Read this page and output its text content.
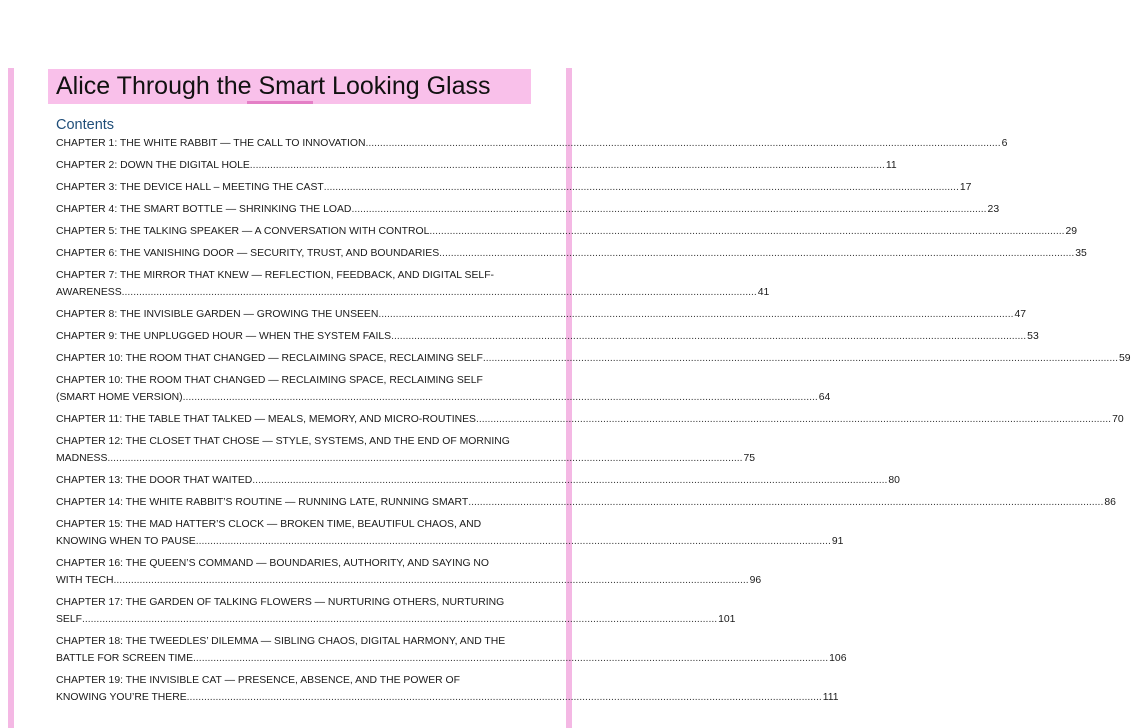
Alice Through the Smart Looking Glass
Contents
CHAPTER 1: THE WHITE RABBIT — THE CALL TO INNOVATION ............................................................................................................................................................................................................................ 6
CHAPTER 2: DOWN THE DIGITAL HOLE ............................................................................................................................................................................................................................ 11
CHAPTER 3: THE DEVICE HALL – MEETING THE CAST ............................................................................................................................................................................................................................ 17
CHAPTER 4: THE SMART BOTTLE — SHRINKING THE LOAD ............................................................................................................................................................................................................................ 23
CHAPTER 5: THE TALKING SPEAKER — A CONVERSATION WITH CONTROL ............................................................................................................................................................................................................................ 29
CHAPTER 6: THE VANISHING DOOR — SECURITY, TRUST, AND BOUNDARIES ............................................................................................................................................................................................................................ 35
CHAPTER 7: THE MIRROR THAT KNEW — REFLECTION, FEEDBACK, AND DIGITAL SELF-
AWARENESS ............................................................................................................................................................................................................................ 41
CHAPTER 8: THE INVISIBLE GARDEN — GROWING THE UNSEEN ............................................................................................................................................................................................................................ 47
CHAPTER 9: THE UNPLUGGED HOUR — WHEN THE SYSTEM FAILS ............................................................................................................................................................................................................................ 53
CHAPTER 10: THE ROOM THAT CHANGED — RECLAIMING SPACE, RECLAIMING SELF ............................................................................................................................................................................................................................ 59
CHAPTER 10: THE ROOM THAT CHANGED — RECLAIMING SPACE, RECLAIMING SELF
(SMART HOME VERSION) ............................................................................................................................................................................................................................ 64
CHAPTER 11: THE TABLE THAT TALKED — MEALS, MEMORY, AND MICRO-ROUTINES ............................................................................................................................................................................................................................ 70
CHAPTER 12: THE CLOSET THAT CHOSE — STYLE, SYSTEMS, AND THE END OF MORNING
MADNESS ............................................................................................................................................................................................................................ 75
CHAPTER 13: THE DOOR THAT WAITED ............................................................................................................................................................................................................................ 80
CHAPTER 14: THE WHITE RABBIT’S ROUTINE — RUNNING LATE, RUNNING SMART ............................................................................................................................................................................................................................ 86
CHAPTER 15: THE MAD HATTER’S CLOCK — BROKEN TIME, BEAUTIFUL CHAOS, AND
KNOWING WHEN TO PAUSE ............................................................................................................................................................................................................................ 91
CHAPTER 16: THE QUEEN’S COMMAND — BOUNDARIES, AUTHORITY, AND SAYING NO
WITH TECH ............................................................................................................................................................................................................................ 96
CHAPTER 17: THE GARDEN OF TALKING FLOWERS — NURTURING OTHERS, NURTURING
SELF ............................................................................................................................................................................................................................ 101
CHAPTER 18: THE TWEEDLES’ DILEMMA — SIBLING CHAOS, DIGITAL HARMONY, AND THE
BATTLE FOR SCREEN TIME ............................................................................................................................................................................................................................ 106
CHAPTER 19: THE INVISIBLE CAT — PRESENCE, ABSENCE, AND THE POWER OF
KNOWING YOU’RE THERE ............................................................................................................................................................................................................................ 111
